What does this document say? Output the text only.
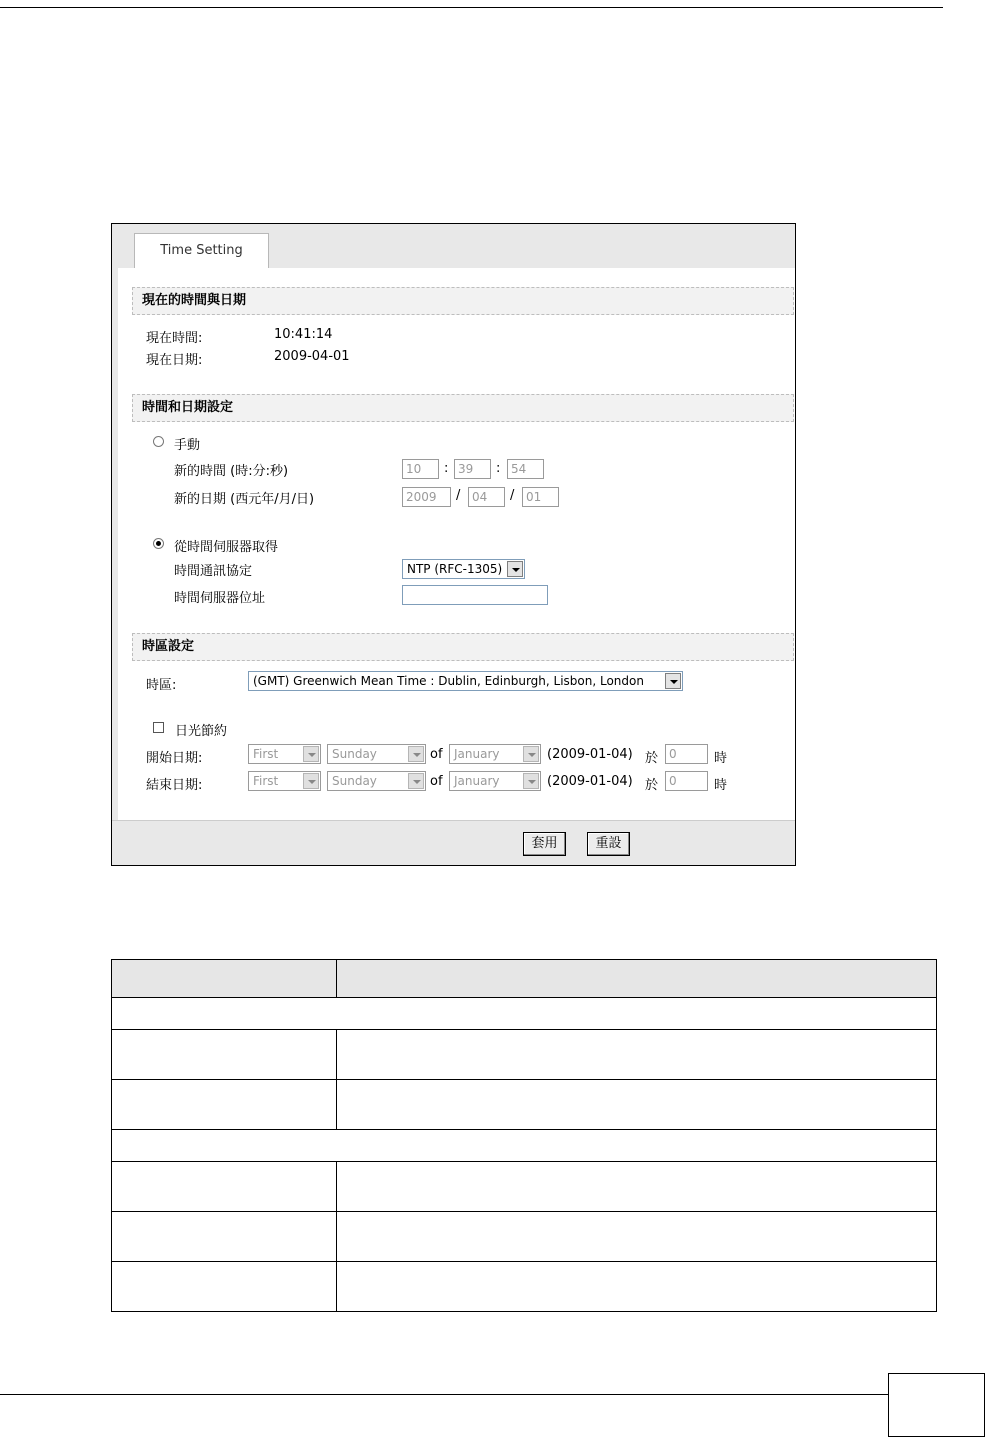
Time Setting
現在的時間與日期
現在時間:	10:41:14
現在日期:	2009-04-01
時間和日期設定
手動
新的時間 (時:分:秒)	10	: 39	: 54
新的日期 (西元年/月/日)	2009	/ 04	/ 01
從時間伺服器取得
時間通訊協定	NTP (RFC-1305)
時間伺服器位址
時區設定
時區:	(GMT) Greenwich Mean Time : Dublin, Edinburgh, Lisbon, London
日光節約
開始日期:	First	Sunday	of January	(2009-01-04) 於 0	時
結束日期:	First	Sunday	of January	(2009-01-04) 於 0	時
套用	重設
